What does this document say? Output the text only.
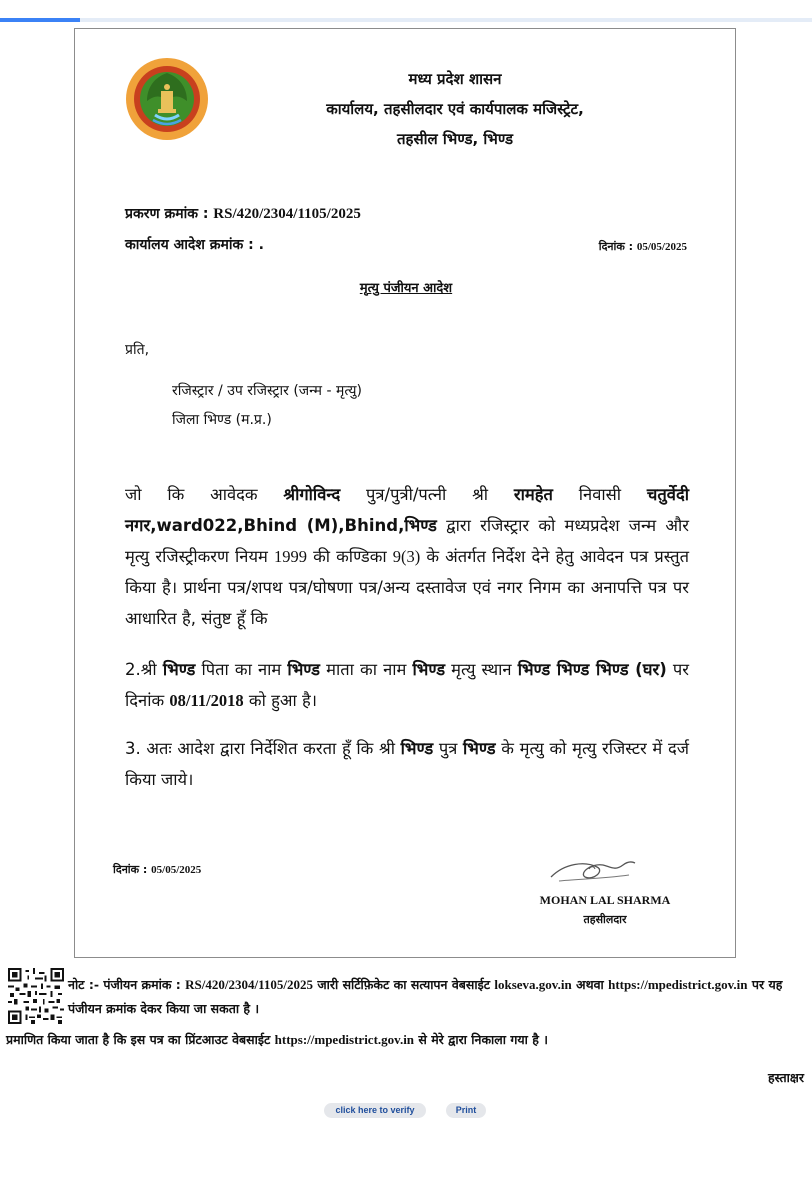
मध्य प्रदेश शासन
कार्यालय, तहसीलदार एवं कार्यपालक मजिस्ट्रेट,
तहसील भिण्ड, भिण्ड
प्रकरण क्रमांक : RS/420/2304/1105/2025
कार्यालय आदेश क्रमांक : .	दिनांक : 05/05/2025
मृत्यु पंजीयन आदेश
प्रति,
रजिस्ट्रार / उप रजिस्ट्रार (जन्म - मृत्यु)
जिला भिण्ड (म.प्र.)
जो कि आवेदक श्रीगोविन्द पुत्र/पुत्री/पत्नी श्री रामहेत निवासी चतुर्वेदी नगर,ward022,Bhind (M),Bhind,भिण्ड द्वारा रजिस्ट्रार को मध्यप्रदेश जन्म और मृत्यु रजिस्ट्रीकरण नियम 1999 की कण्डिका 9(3) के अंतर्गत निर्देश देने हेतु आवेदन पत्र प्रस्तुत किया है। प्रार्थना पत्र/शपथ पत्र/घोषणा पत्र/अन्य दस्तावेज एवं नगर निगम का अनापत्ति पत्र पर आधारित है, संतुष्ट हूँ कि
2.श्री भिण्ड पिता का नाम भिण्ड माता का नाम भिण्ड मृत्यु स्थान भिण्ड भिण्ड भिण्ड (घर) पर दिनांक 08/11/2018 को हुआ है।
3. अतः आदेश द्वारा निर्देशित करता हूँ कि श्री भिण्ड पुत्र भिण्ड के मृत्यु को मृत्यु रजिस्टर में दर्ज किया जाये।
दिनांक : 05/05/2025
MOHAN LAL SHARMA
तहसीलदार
नोट :- पंजीयन क्रमांक : RS/420/2304/1105/2025 जारी सर्टिफ़िकेट का सत्यापन वेबसाईट lokseva.gov.in अथवा https://mpedistrict.gov.in पर यह पंजीयन क्रमांक देकर किया जा सकता है ।
प्रमाणित किया जाता है कि इस पत्र का प्रिंटआउट वेबसाईट https://mpedistrict.gov.in से मेरे द्वारा निकाला गया है ।
हस्ताक्षर
click here to verify	Print
